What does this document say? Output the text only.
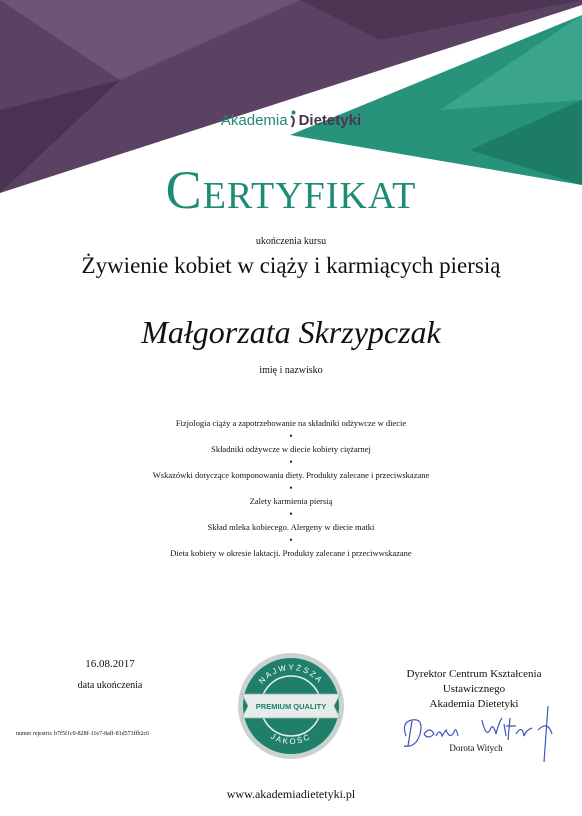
Akademia Dietetyki
CERTYFIKAT
ukończenia kursu
Żywienie kobiet w ciąży i karmiących piersią
Małgorzata Skrzypczak
imię i nazwisko
Fizjologia ciąży a zapotrzebowanie na składniki odżywcze w diecie
•
Składniki odżywcze w diecie kobiety ciężarnej
•
Wskazówki dotyczące komponowania diety. Produkty zalecane i przeciwskazane
•
Zalety karmienia piersią
•
Skład mleka kobiecego. Alergeny w diecie matki
•
Dieta kobiety w okresie laktacji. Produkty zalecane i przeciwwskazane
16.08.2017
data ukończenia
numer rejestru: b7f5f1c0-828f-11e7-8aff-81d573ffb2c6
NAJWYŻSZA
JAKOŚĆ
PREMIUM QUALITY
Dyrektor Centrum Kształcenia
Ustawicznego
Akademia Dietetyki
Dorota Witych
www.akademiadietetyki.pl
